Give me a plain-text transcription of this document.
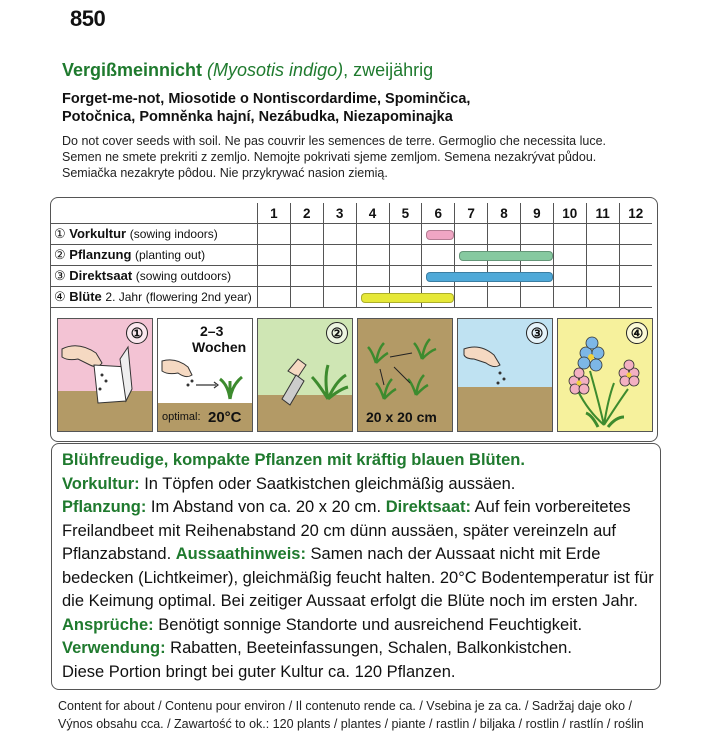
850
Vergißmeinnicht (Myosotis indigo), zweijährig
Forget-me-not, Miosotide o Nontiscordardime, Spominčica,
Potočnica, Pomněnka hajní, Nezábudka, Niezapominajka
Do not cover seeds with soil. Ne pas couvrir les semences de terre. Germoglio che necessita luce.
Semen ne smete prekriti z zemljo. Nemojte pokrivati sjeme zemljom. Semena nezakrývat půdou.
Semiačka nezakryte pôdou. Nie przykrywać nasion ziemią.
	1	2	3	4	5	6	7	8	9	10	11	12
① Vorkultur (sowing indoors)						

② Pflanzung (planting out)							

③ Direktsaat (sowing outdoors)						

④ Blüte 2. Jahr (flowering 2nd year)				

①	2–3
Wochen
optimal: 20°C
②
20 x 20 cm
③	④
Blühfreudige, kompakte Pflanzen mit kräftig blauen Blüten.
Vorkultur: In Töpfen oder Saatkistchen gleichmäßig aussäen.
Pflanzung: Im Abstand von ca. 20 x 20 cm. Direktsaat: Auf fein vorbereitetes Freilandbeet mit Reihenabstand 20 cm dünn aussäen, später vereinzeln auf Pflanzabstand. Aussaathinweis: Samen nach der Aussaat nicht mit Erde bedecken (Lichtkeimer), gleichmäßig feucht halten. 20°C Bodentemperatur ist für die Keimung optimal. Bei zeitiger Aussaat erfolgt die Blüte noch im ersten Jahr. Ansprüche: Benötigt sonnige Standorte und ausreichend Feuchtigkeit.
Verwendung: Rabatten, Beeteinfassungen, Schalen, Balkonkistchen.
Diese Portion bringt bei guter Kultur ca. 120 Pflanzen.
Content for about / Contenu pour environ / Il contenuto rende ca. / Vsebina je za ca. / Sadržaj daje oko /
Výnos obsahu cca. / Zawartość to ok.: 120 plants / plantes / piante / rastlin / biljaka / rostlin / rastlín / roślin
